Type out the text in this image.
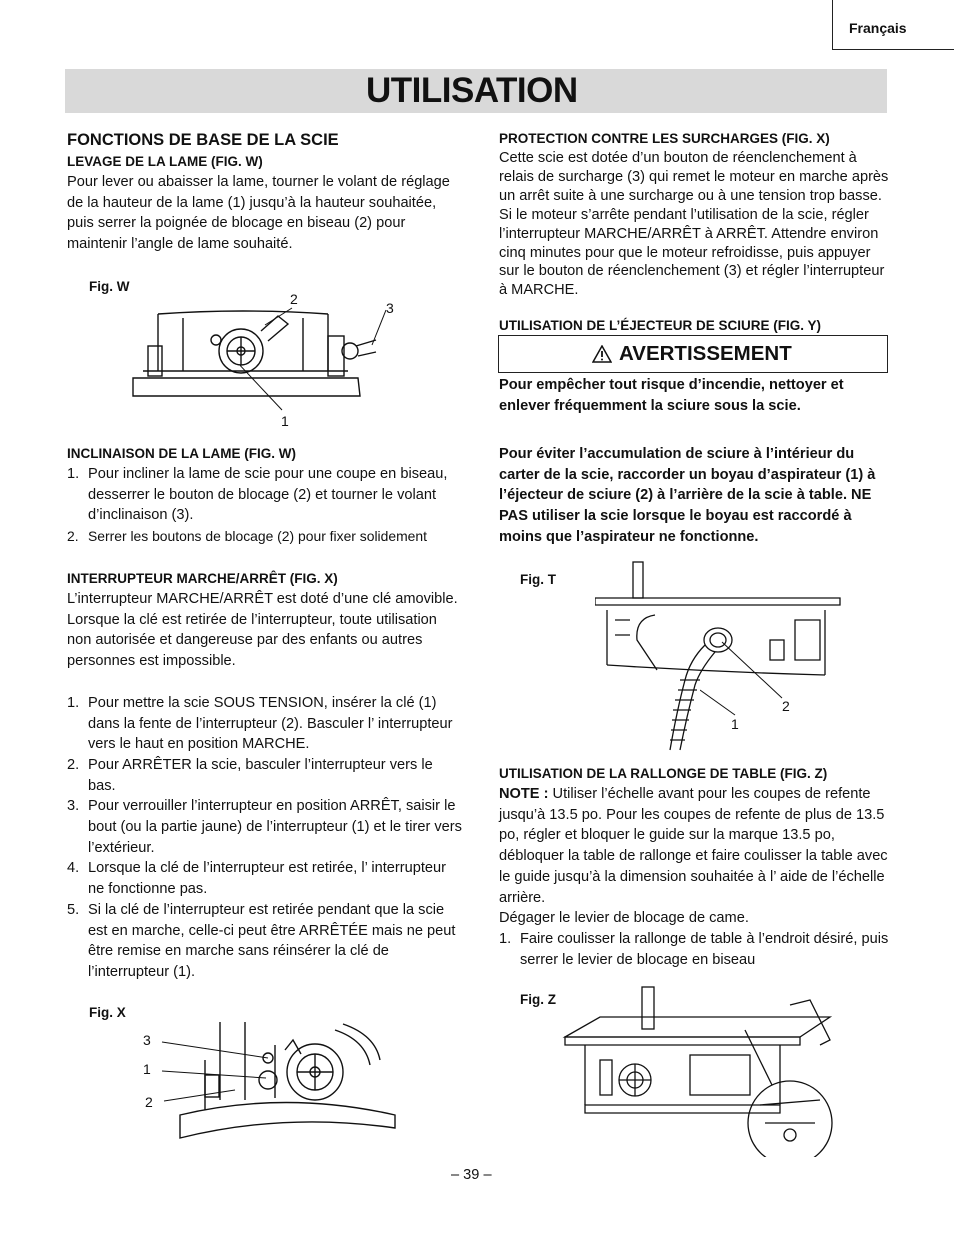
Français
UTILISATION

FONCTIONS DE BASE DE LA SCIE

LEVAGE DE LA LAME (FIG. W)

Pour lever ou abaisser la lame, tourner le volant de réglage de la hauteur de la lame (1) jusqu’à la hauteur souhaitée, puis serrer la poignée de blocage en biseau (2) pour maintenir l’angle de lame souhaité.

Fig. W
2
3
1

INCLINAISON DE LA LAME (FIG. W)

1. Pour incliner la lame de scie pour une coupe en biseau, desserrer le bouton de blocage (2) et tourner le volant d’inclinaison (3).
2. Serrer les boutons de blocage (2) pour fixer solidement

INTERRUPTEUR MARCHE/ARRÊT (FIG. X)

L’interrupteur MARCHE/ARRÊT est doté d’une clé amovible. Lorsque la clé est retirée de l’interrupteur, toute utilisation non autorisée et dangereuse par des enfants ou autres personnes est impossible.

1. Pour mettre la scie SOUS TENSION, insérer la clé (1) dans la fente de l’interrupteur (2). Basculer l’ interrupteur vers le haut en position MARCHE.
2. Pour ARRÊTER la scie, basculer l’interrupteur vers le bas.
3. Pour verrouiller l’interrupteur en position ARRÊT, saisir le bout (ou la partie jaune) de l’interrupteur (1) et le tirer vers l’extérieur.
4. Lorsque la clé de l’interrupteur est retirée, l’ interrupteur ne fonctionne pas.
5. Si la clé de l’interrupteur est retirée pendant que la scie est en marche, celle-ci peut être ARRÊTÉE mais ne peut être remise en marche sans réinsérer la clé de l’interrupteur (1).
Fig. X
3
1
2

PROTECTION CONTRE LES SURCHARGES (FIG. X)

Cette scie est dotée d’un bouton de réenclenchement à relais de surcharge (3) qui remet le moteur en marche après un arrêt suite à une surcharge ou à une tension trop basse. Si le moteur s’arrête pendant l’utilisation de la scie, régler l’interrupteur MARCHE/ARRÊT à ARRÊT. Attendre environ cinq minutes pour que le moteur refroidisse, puis appuyer sur le bouton de réenclenchement (3) et régler l’interrupteur à MARCHE.

UTILISATION DE L’ÉJECTEUR DE SCIURE (FIG. Y)

AVERTISSEMENT
Pour empêcher tout risque d’incendie, nettoyer et enlever fréquemment la sciure sous la scie.
Pour éviter l’accumulation de sciure à l’intérieur du carter de la scie, raccorder un boyau d’aspirateur (1) à l’éjecteur de sciure (2) à l’arrière de la scie à table. NE PAS utiliser la scie lorsque le boyau est raccordé à moins que l’aspirateur ne fonctionne.
Fig. T
2
1

UTILISATION DE LA RALLONGE DE TABLE (FIG. Z)

NOTE : Utiliser l’échelle avant pour les coupes de refente jusqu’à 13.5 po. Pour les coupes de refente de plus de 13.5 po, régler et bloquer le guide sur la marque 13.5 po, débloquer la table de rallonge et faire coulisser la table avec le guide jusqu’à la dimension souhaitée à l’ aide de l’échelle arrière.

Dégager le levier de blocage de came.

1. Faire coulisser la rallonge de table à l’endroit désiré, puis serrer le levier de blocage en biseau
Fig. Z
– 39 –
